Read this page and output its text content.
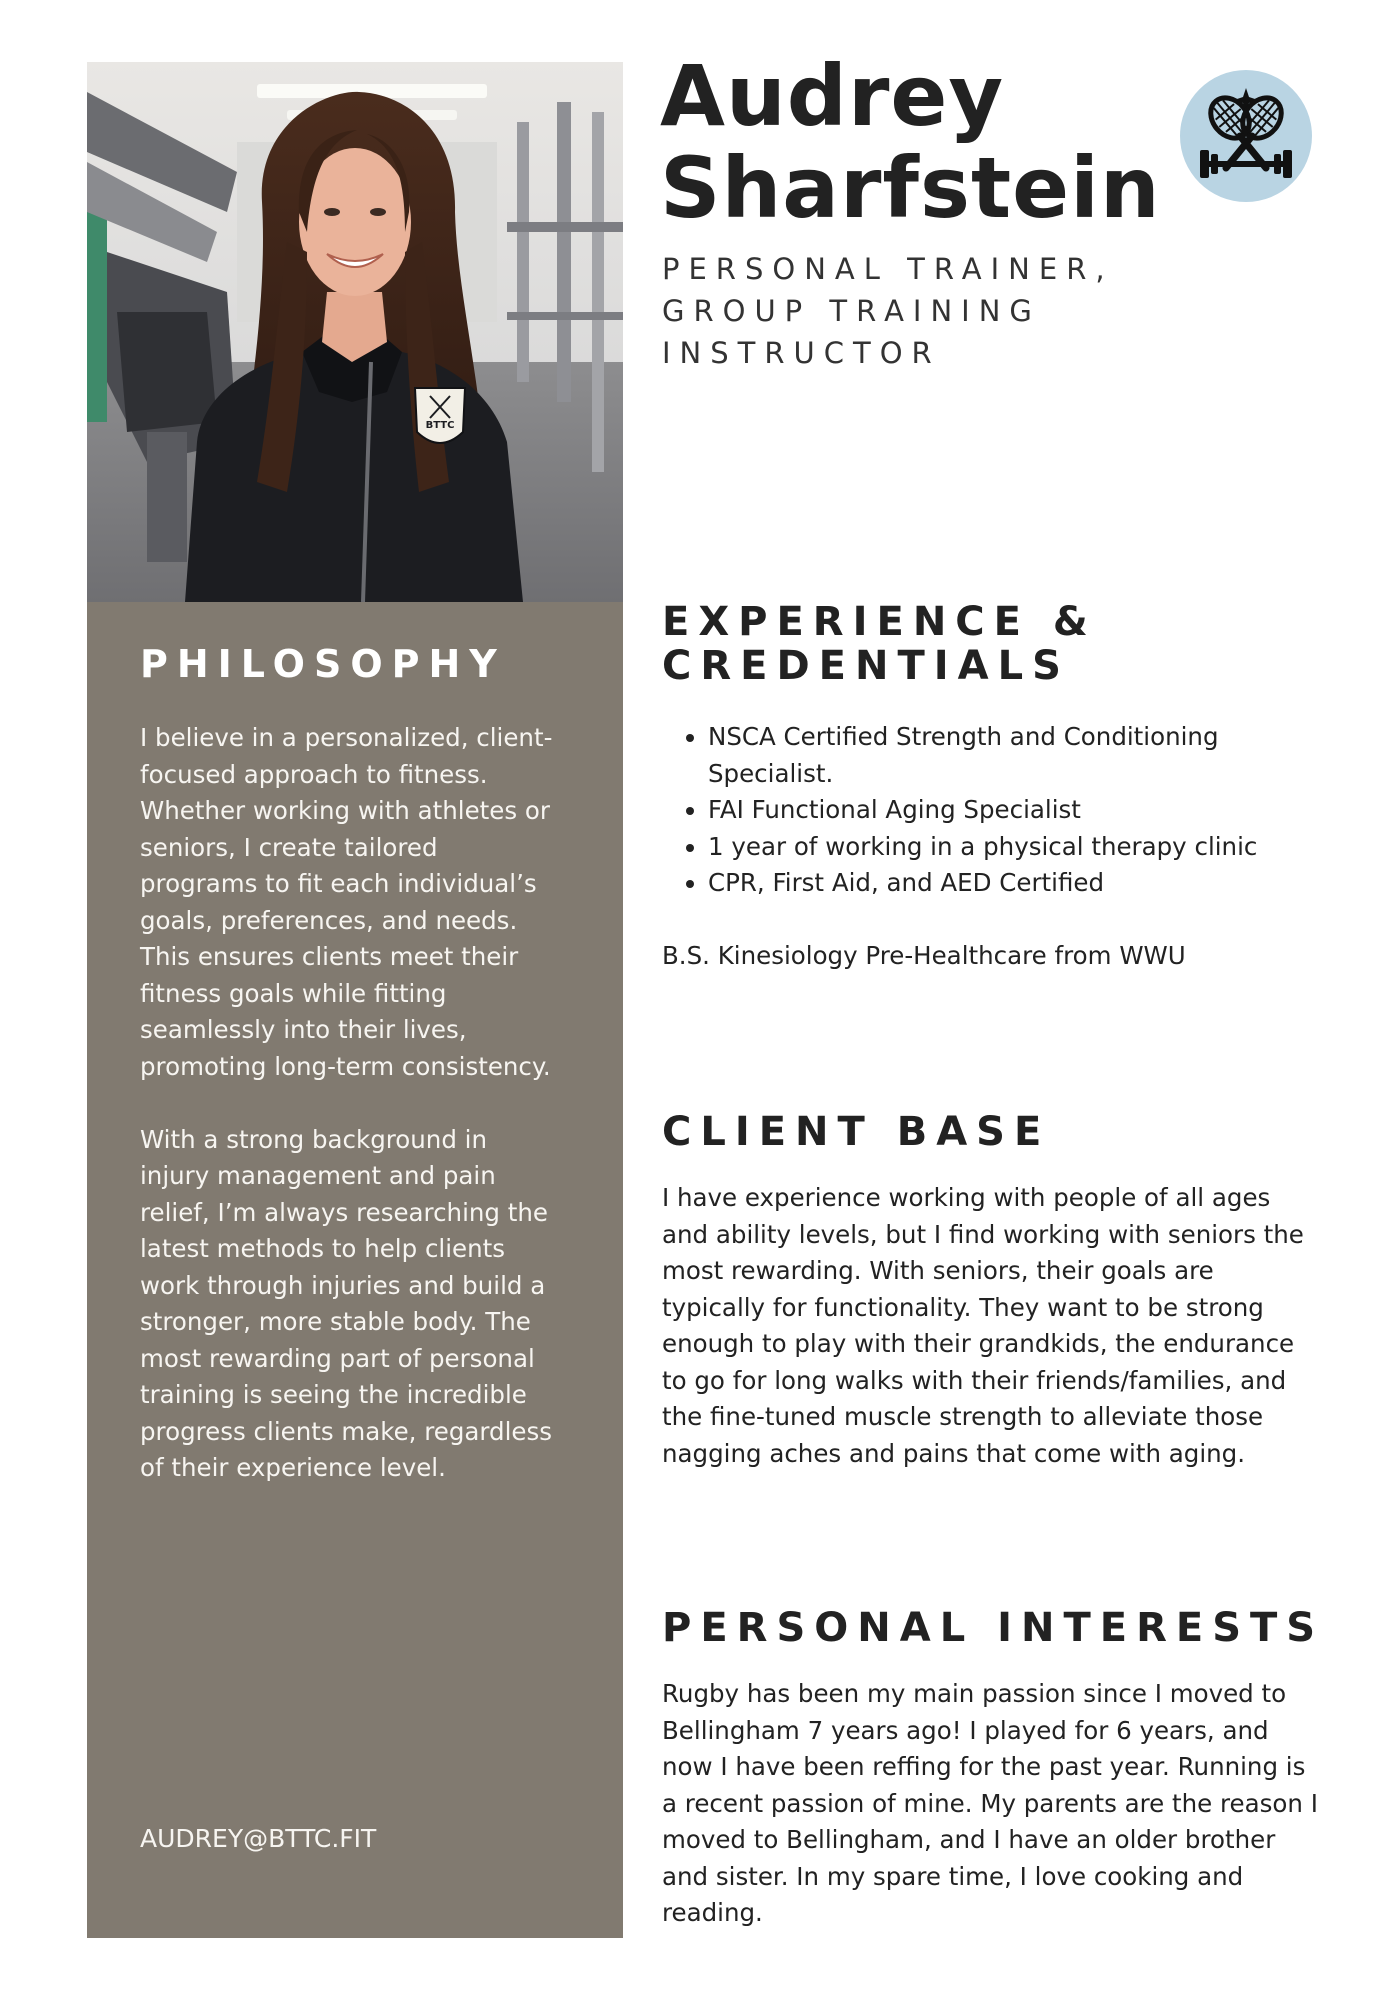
BTTC
PHILOSOPHY

I believe in a personalized, client-focused approach to fitness. Whether working with athletes or seniors, I create tailored programs to fit each individual’s goals, preferences, and needs. This ensures clients meet their fitness goals while fitting seamlessly into their lives, promoting long-term consistency.

With a strong background in injury management and pain relief, I’m always researching the latest methods to help clients work through injuries and build a stronger, more stable body. The most rewarding part of personal training is seeing the incredible progress clients make, regardless of their experience level.

AUDREY@BTTC.FIT
Audrey
Sharfstein
PERSONAL TRAINER,
GROUP TRAINING
INSTRUCTOR
EXPERIENCE &
CREDENTIALS
• NSCA Certified Strength and Conditioning Specialist.
• FAI Functional Aging Specialist
• 1 year of working in a physical therapy clinic
• CPR, First Aid, and AED Certified

B.S. Kinesiology Pre-Healthcare from WWU

CLIENT BASE

I have experience working with people of all ages and ability levels, but I find working with seniors the most rewarding. With seniors, their goals are typically for functionality. They want to be strong enough to play with their grandkids, the endurance to go for long walks with their friends/families, and the fine-tuned muscle strength to alleviate those nagging aches and pains that come with aging.

PERSONAL INTERESTS

Rugby has been my main passion since I moved to Bellingham 7 years ago! I played for 6 years, and now I have been reffing for the past year. Running is a recent passion of mine. My parents are the reason I moved to Bellingham, and I have an older brother and sister. In my spare time, I love cooking and reading.
